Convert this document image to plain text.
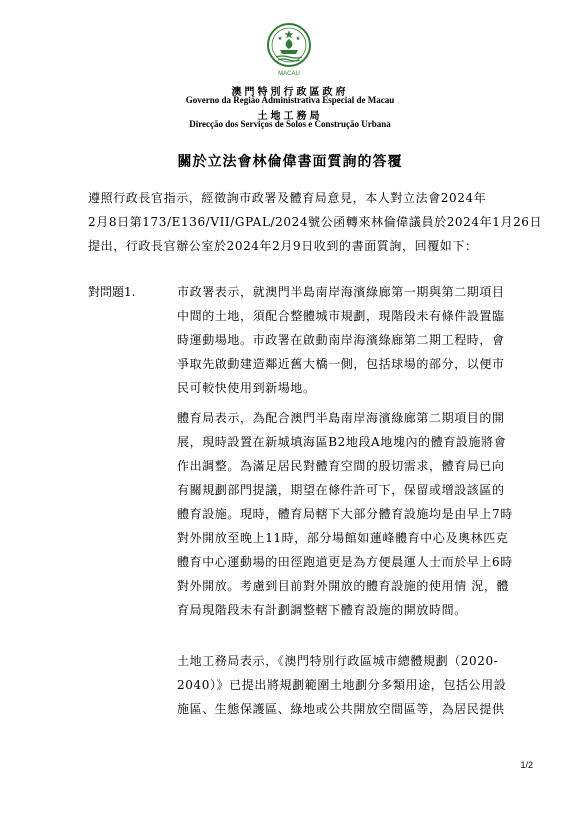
MACAU
澳門特別行政區政府
Governo da Região Administrativa Especial de Macau
土地工務局
Direcção dos Serviços de Solos e Construção Urbana
關於立法會林倫偉書面質詢的答覆
遵照行政長官指示，經徵詢市政署及體育局意見，本人對立法會2024年
2月8日第173/E136/VII/GPAL/2024號公函轉來林倫偉議員於2024年1月26日
提出，行政長官辦公室於2024年2月9日收到的書面質詢，回覆如下：
對問題1.	市政署表示，就澳門半島南岸海濱綠廊第一期與第二期項目
中間的土地，須配合整體城市規劃，現階段未有條件設置臨
時運動場地。市政署在啟動南岸海濱綠廊第二期工程時，會
爭取先啟動建造鄰近舊大橋一側，包括球場的部分，以便市
民可較快使用到新場地。
體育局表示，為配合澳門半島南岸海濱綠廊第二期項目的開
展，現時設置在新城填海區B2地段A地塊內的體育設施將會
作出調整。為滿足居民對體育空間的殷切需求，體育局已向
有關規劃部門提議，期望在條件許可下，保留或增設該區的
體育設施。現時，體育局轄下大部分體育設施均是由早上7時
對外開放至晚上11時，部分場館如蓮峰體育中心及奧林匹克
體育中心運動場的田徑跑道更是為方便晨運人士而於早上6時
對外開放。考慮到目前對外開放的體育設施的使用情 況，體
育局現階段未有計劃調整轄下體育設施的開放時間。
土地工務局表示，《澳門特別行政區城市總體規劃（2020-
2040）》已提出將規劃範圍土地劃分多類用途，包括公用設
施區、生態保護區、綠地或公共開放空間區等，為居民提供
1/2
